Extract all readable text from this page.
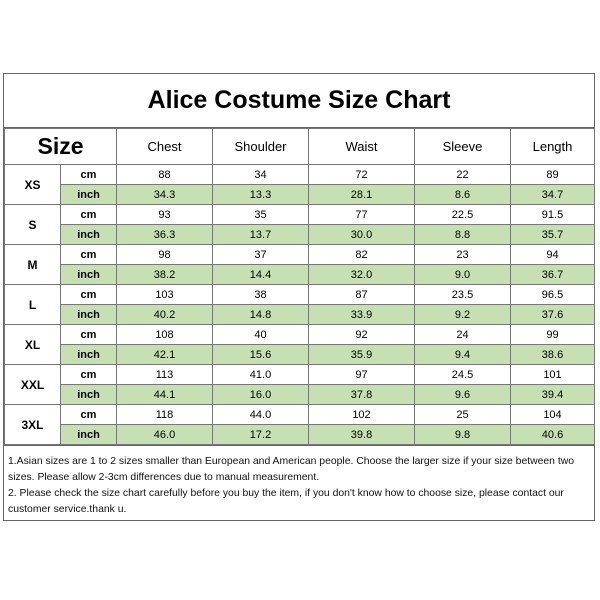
Alice Costume Size Chart
Size		Chest	Shoulder	Waist	Sleeve	Length
XS	cm	88	34	72	22	89
	inch	34.3	13.3	28.1	8.6	34.7
S	cm	93	35	77	22.5	91.5
	inch	36.3	13.7	30.0	8.8	35.7
M	cm	98	37	82	23	94
	inch	38.2	14.4	32.0	9.0	36.7
L	cm	103	38	87	23.5	96.5
	inch	40.2	14.8	33.9	9.2	37.6
XL	cm	108	40	92	24	99
	inch	42.1	15.6	35.9	9.4	38.6
XXL	cm	113	41.0	97	24.5	101
	inch	44.1	16.0	37.8	9.6	39.4
3XL	cm	118	44.0	102	25	104
	inch	46.0	17.2	39.8	9.8	40.6

1.Asian sizes are 1 to 2 sizes smaller than European and American people. Choose the larger size if your size between two sizes. Please allow 2-3cm differences due to manual measurement.

2. Please check the size chart carefully before you buy the item, if you don't know how to choose size, please contact our customer service.thank u.
